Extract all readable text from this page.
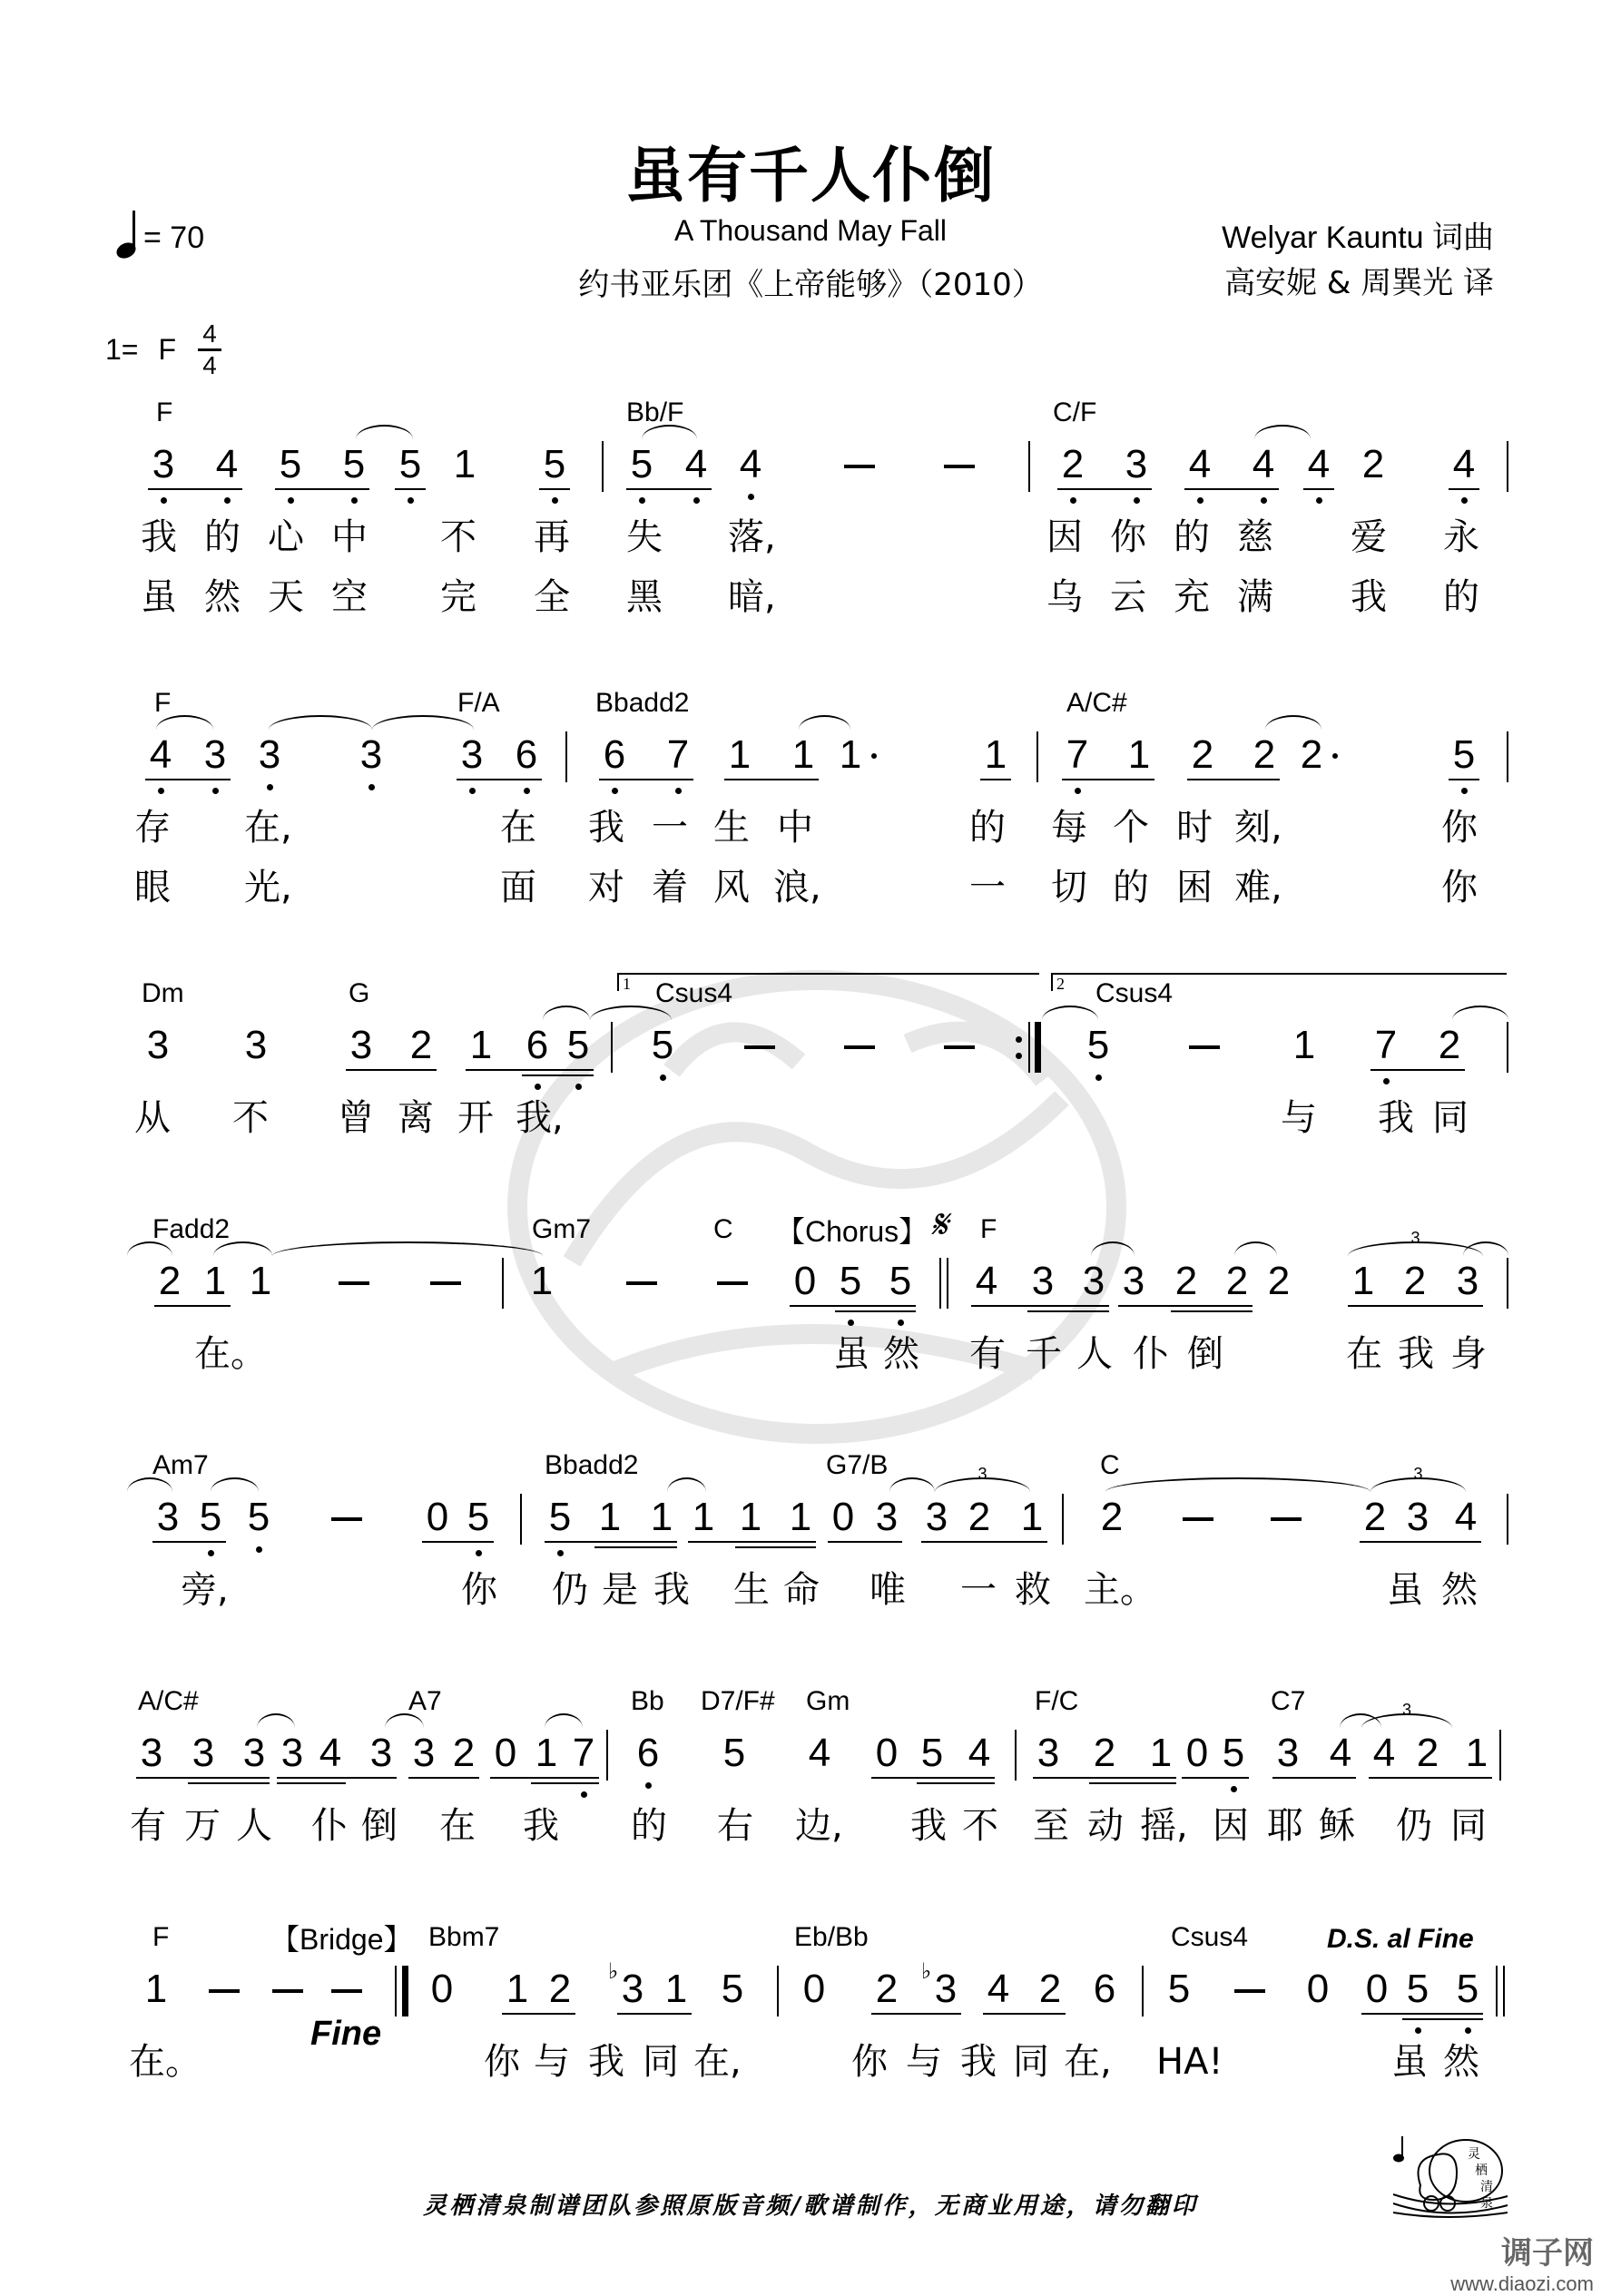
虽有千人仆倒
= 70	A Thousand May Fall
约书亚乐团《上帝能够》（2010）
Welyar Kauntu 词曲
高安妮 & 周巽光 译
1= F 4
4
F	Bb/F	C/F
3 4 5 5 5 1 5 5 4 4	2 3 4 4 4 2 4
我 的 心 中 不 再 失 落,	因 你 的 慈 爱 永
虽 然 天 空 完 全 黑 暗,	乌 云 充 满 我 的
F	F/A	Bbadd2	A/C#
4 3 3 3 3 6 6 7 1 1 1	1 7 1 2 2 2	5
存 在,	在 我 一 生 中	的 每 个 时 刻,	你
眼 光,	面 对 着 风 浪,	一 切 的 困 难,	你
Dm	G	Csus4	Csus4
1	2
3 3 3 2 1 6 5 5	5	1 7 2
从 不 曾 离 开 我,	与 我 同
Fadd2	Gm7	C	F
【Chorus】 𝄋
2 1 1	1	0 5 5 4 3 3 3 2 2 2 1 2 3
3
在。	虽 然 有 千 人 仆 倒	在 我 身
Am7	Bbadd2	G7/B	C
3 5 5	0 5 5 1 1 1 1 1 0 3 3 2 1 2	2 3 4
3	3
旁,	你 仍 是 我 生 命 唯 一 救 主。	虽 然
A/C#	A7	Bb D7/F# Gm	F/C	C7
3 3 3 3 4 3 3 2 0 1 7 6 5 4 0 5 4 3 2 1 0 5 3 4 4 2 1
3
有 万 人 仆 倒 在 我 的 右 边, 我 不 至 动 摇, 因 耶 稣 仍 同
F	Bbm7	Eb/Bb	Csus4
【Bridge】	D.S. al Fine
Fine
1	0 1 2 3
♭ 1 5 0 2 3
♭ 4 2 6 5	0 0 5 5
在。	你 与 我 同 在,	你 与 我 同 在,	虽 然
HA!
灵栖清泉制谱团队参照原版音频/歌谱制作，无商业用途，请勿翻印
灵
栖
清
泉
调子网
www.diaozi.com
